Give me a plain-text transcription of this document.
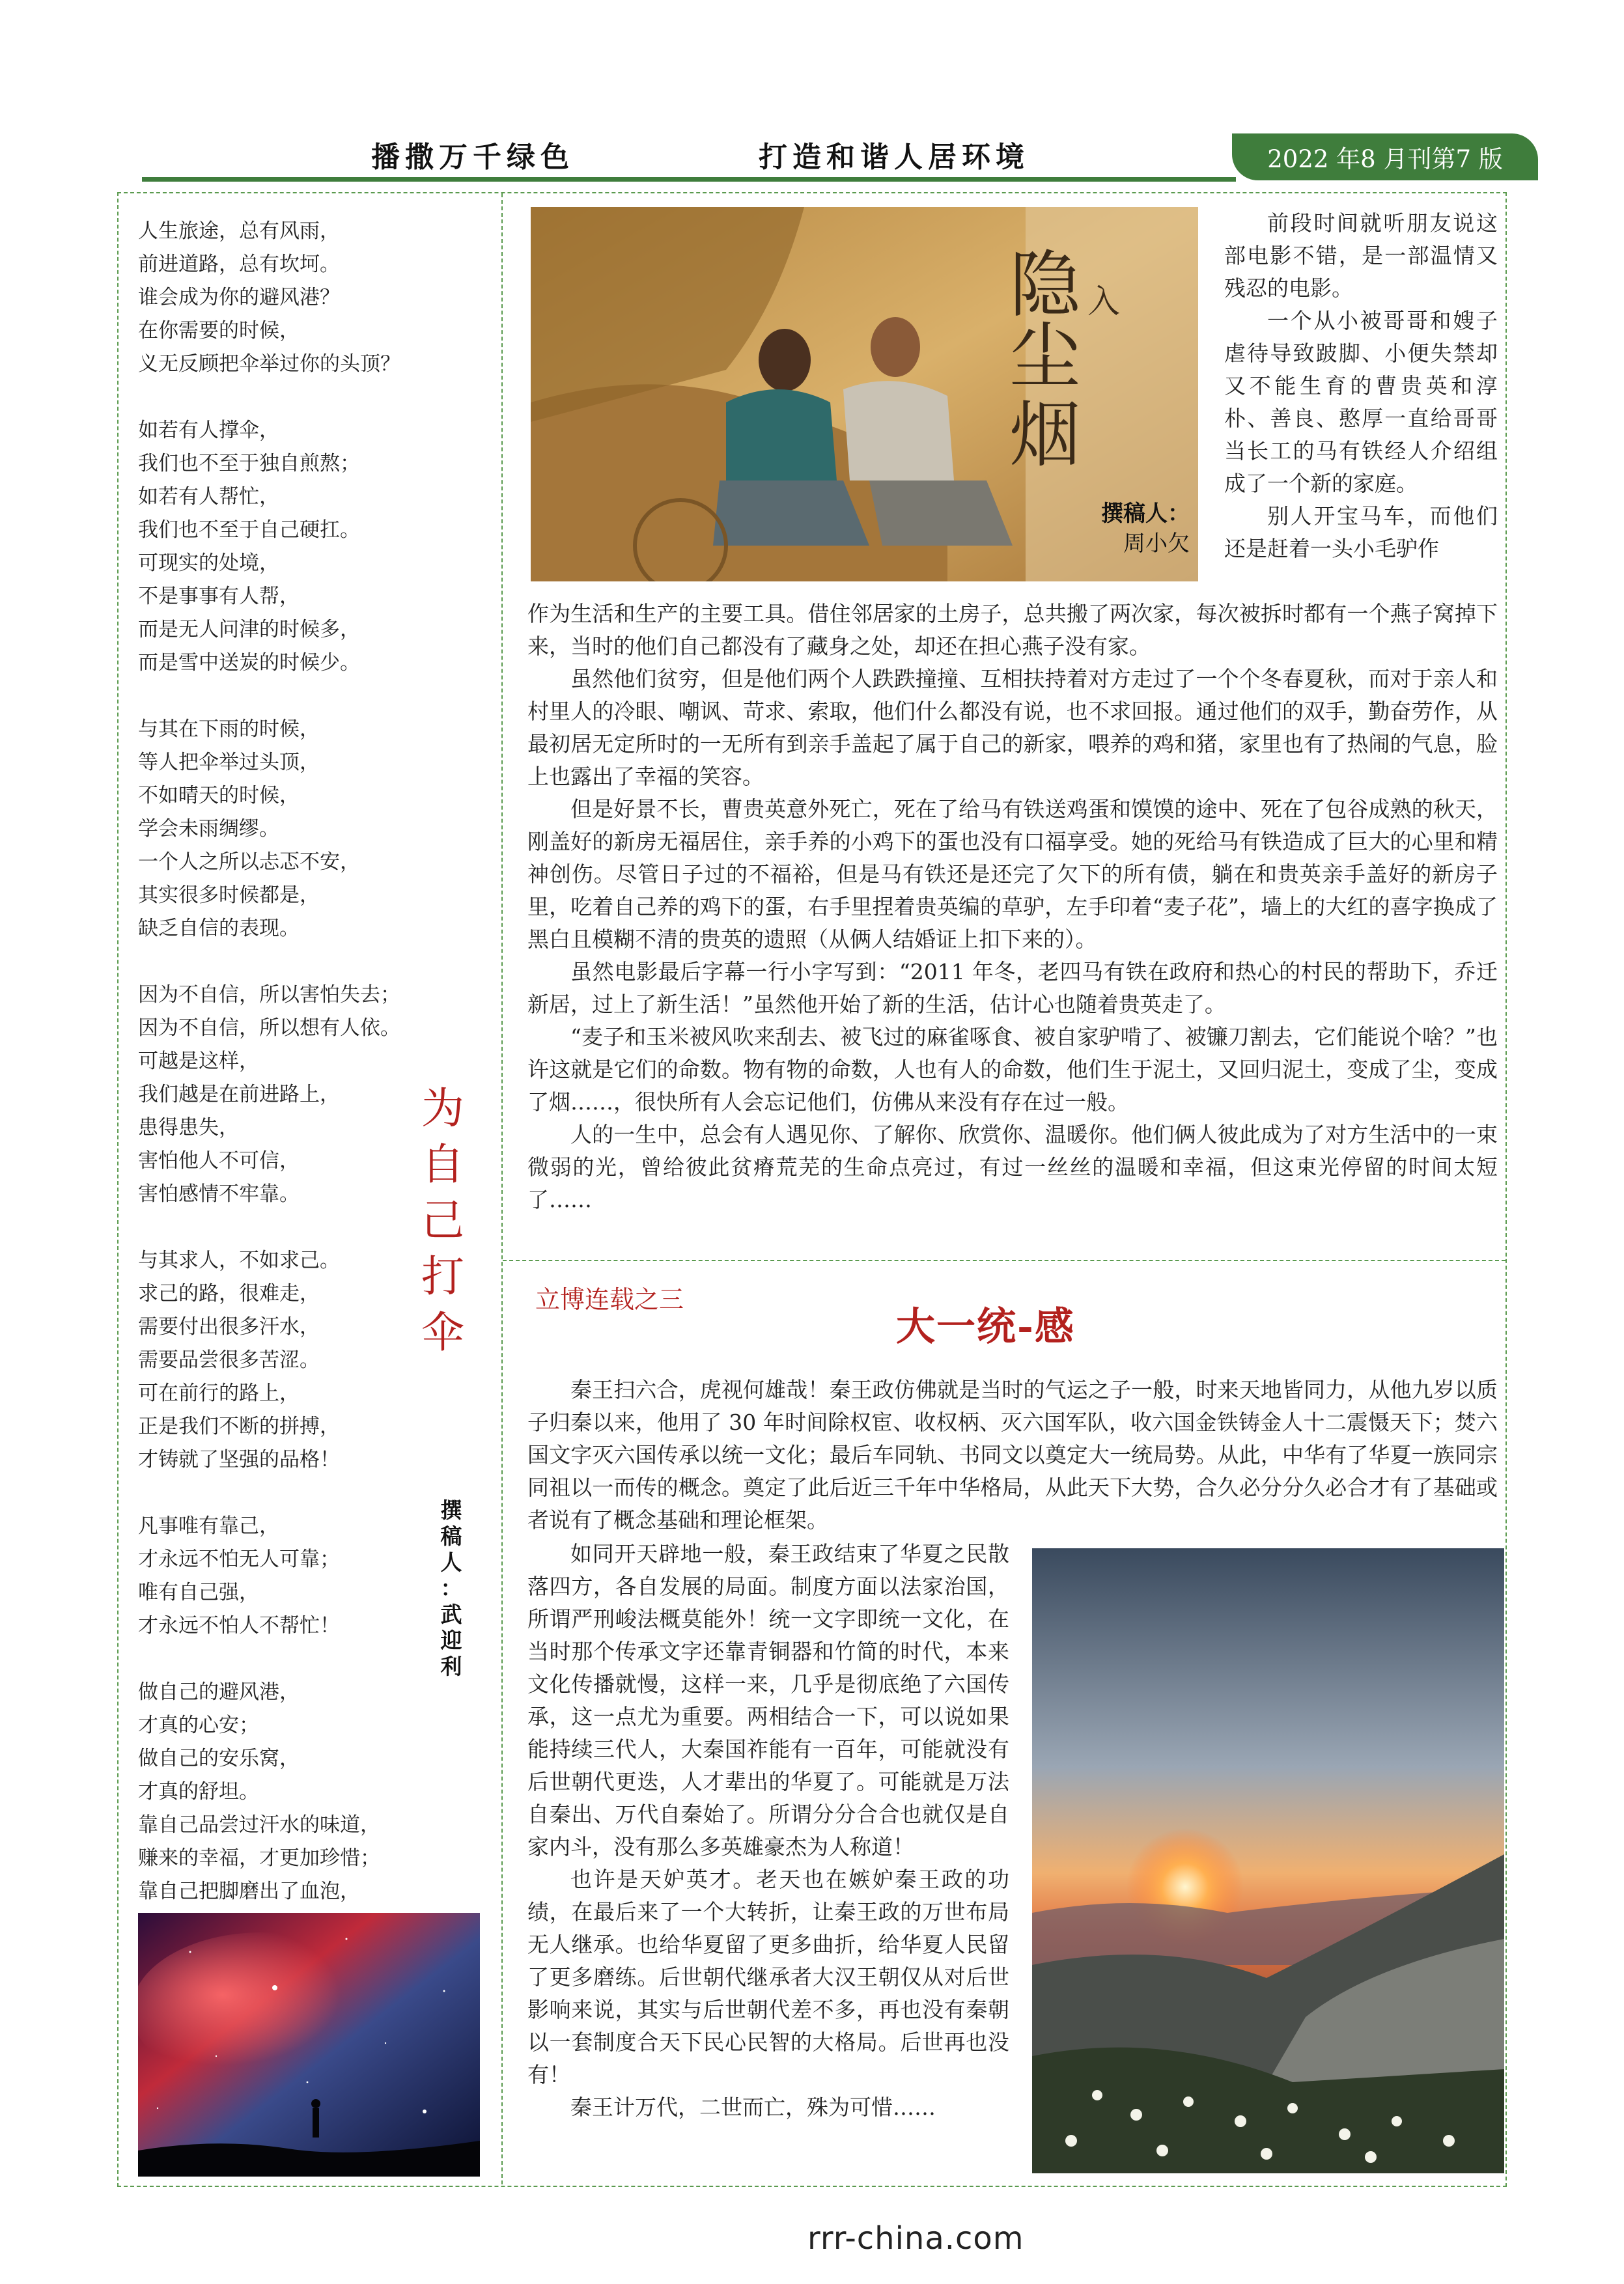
播撒万千绿色	打造和谐人居环境	2022 年8 月刊第7 版

人生旅途，总有风雨，

前进道路，总有坎坷。

谁会成为你的避风港？

在你需要的时候，

义无反顾把伞举过你的头顶？

如若有人撑伞，

我们也不至于独自煎熬；

如若有人帮忙，

我们也不至于自己硬扛。

可现实的处境，

不是事事有人帮，

而是无人问津的时候多，

而是雪中送炭的时候少。

与其在下雨的时候，

等人把伞举过头顶，

不如晴天的时候，

学会未雨绸缪。

一个人之所以忐忑不安，

其实很多时候都是，

缺乏自信的表现。

因为不自信，所以害怕失去；

因为不自信，所以想有人依。

可越是这样，

我们越是在前进路上，

患得患失，

害怕他人不可信，

害怕感情不牢靠。

与其求人，不如求己。

求己的路，很难走，

需要付出很多汗水，

需要品尝很多苦涩。

可在前行的路上，

正是我们不断的拼搏，

才铸就了坚强的品格！

凡事唯有靠己，

才永远不怕无人可靠；

唯有自己强，

才永远不怕人不帮忙！

做自己的避风港，

才真的心安；

做自己的安乐窝，

才真的舒坦。

靠自己品尝过汗水的味道，

赚来的幸福，才更加珍惜；

靠自己把脚磨出了血泡，

为
自
己
打
伞
撰
稿
人
：
武
迎
利
隐 入
尘
烟
撰稿人：
周小欠

前段时间就听朋友说这部电影不错，是一部温情又残忍的电影。

一个从小被哥哥和嫂子虐待导致跛脚、小便失禁却又不能生育的曹贵英和淳朴、善良、憨厚一直给哥哥当长工的马有铁经人介绍组成了一个新的家庭。

别人开宝马车，而他们还是赶着一头小毛驴作

作为生活和生产的主要工具。借住邻居家的土房子，总共搬了两次家，每次被拆时都有一个燕子窝掉下来，当时的他们自己都没有了藏身之处，却还在担心燕子没有家。

虽然他们贫穷，但是他们两个人跌跌撞撞、互相扶持着对方走过了一个个冬春夏秋，而对于亲人和村里人的冷眼、嘲讽、苛求、索取，他们什么都没有说，也不求回报。通过他们的双手，勤奋劳作，从最初居无定所时的一无所有到亲手盖起了属于自己的新家，喂养的鸡和猪，家里也有了热闹的气息，脸上也露出了幸福的笑容。

但是好景不长，曹贵英意外死亡，死在了给马有铁送鸡蛋和馍馍的途中、死在了包谷成熟的秋天，刚盖好的新房无福居住，亲手养的小鸡下的蛋也没有口福享受。她的死给马有铁造成了巨大的心里和精神创伤。尽管日子过的不福裕，但是马有铁还是还完了欠下的所有债，躺在和贵英亲手盖好的新房子里，吃着自己养的鸡下的蛋，右手里捏着贵英编的草驴，左手印着“麦子花”，墙上的大红的喜字换成了黑白且模糊不清的贵英的遗照（从俩人结婚证上扣下来的）。

虽然电影最后字幕一行小字写到：“2011 年冬，老四马有铁在政府和热心的村民的帮助下，乔迁新居，过上了新生活！”虽然他开始了新的生活，估计心也随着贵英走了。

“麦子和玉米被风吹来刮去、被飞过的麻雀啄食、被自家驴啃了、被镰刀割去，它们能说个啥？”也许这就是它们的命数。物有物的命数，人也有人的命数，他们生于泥土，又回归泥土，变成了尘，变成了烟……，很快所有人会忘记他们，仿佛从来没有存在过一般。

人的一生中，总会有人遇见你、了解你、欣赏你、温暖你。他们俩人彼此成为了对方生活中的一束微弱的光，曾给彼此贫瘠荒芜的生命点亮过，有过一丝丝的温暖和幸福，但这束光停留的时间太短了……

立博连载之三
大一统-感

秦王扫六合，虎视何雄哉！秦王政仿佛就是当时的气运之子一般，时来天地皆同力，从他九岁以质子归秦以来，他用了 30 年时间除权宦、收权柄、灭六国军队，收六国金铁铸金人十二震慑天下；焚六国文字灭六国传承以统一文化；最后车同轨、书同文以奠定大一统局势。从此，中华有了华夏一族同宗同祖以一而传的概念。奠定了此后近三千年中华格局，从此天下大势，合久必分分久必合才有了基础或者说有了概念基础和理论框架。

如同开天辟地一般，秦王政结束了华夏之民散落四方，各自发展的局面。制度方面以法家治国，所谓严刑峻法概莫能外！统一文字即统一文化，在当时那个传承文字还靠青铜器和竹简的时代，本来文化传播就慢，这样一来，几乎是彻底绝了六国传承，这一点尤为重要。两相结合一下，可以说如果能持续三代人，大秦国祚能有一百年，可能就没有后世朝代更迭，人才辈出的华夏了。可能就是万法自秦出、万代自秦始了。所谓分分合合也就仅是自家内斗，没有那么多英雄豪杰为人称道！

也许是天妒英才。老天也在嫉妒秦王政的功绩，在最后来了一个大转折，让秦王政的万世布局无人继承。也给华夏留了更多曲折，给华夏人民留了更多磨练。后世朝代继承者大汉王朝仅从对后世影响来说，其实与后世朝代差不多，再也没有秦朝以一套制度合天下民心民智的大格局。后世再也没有！

秦王计万代，二世而亡，殊为可惜……

rrr-china.com
